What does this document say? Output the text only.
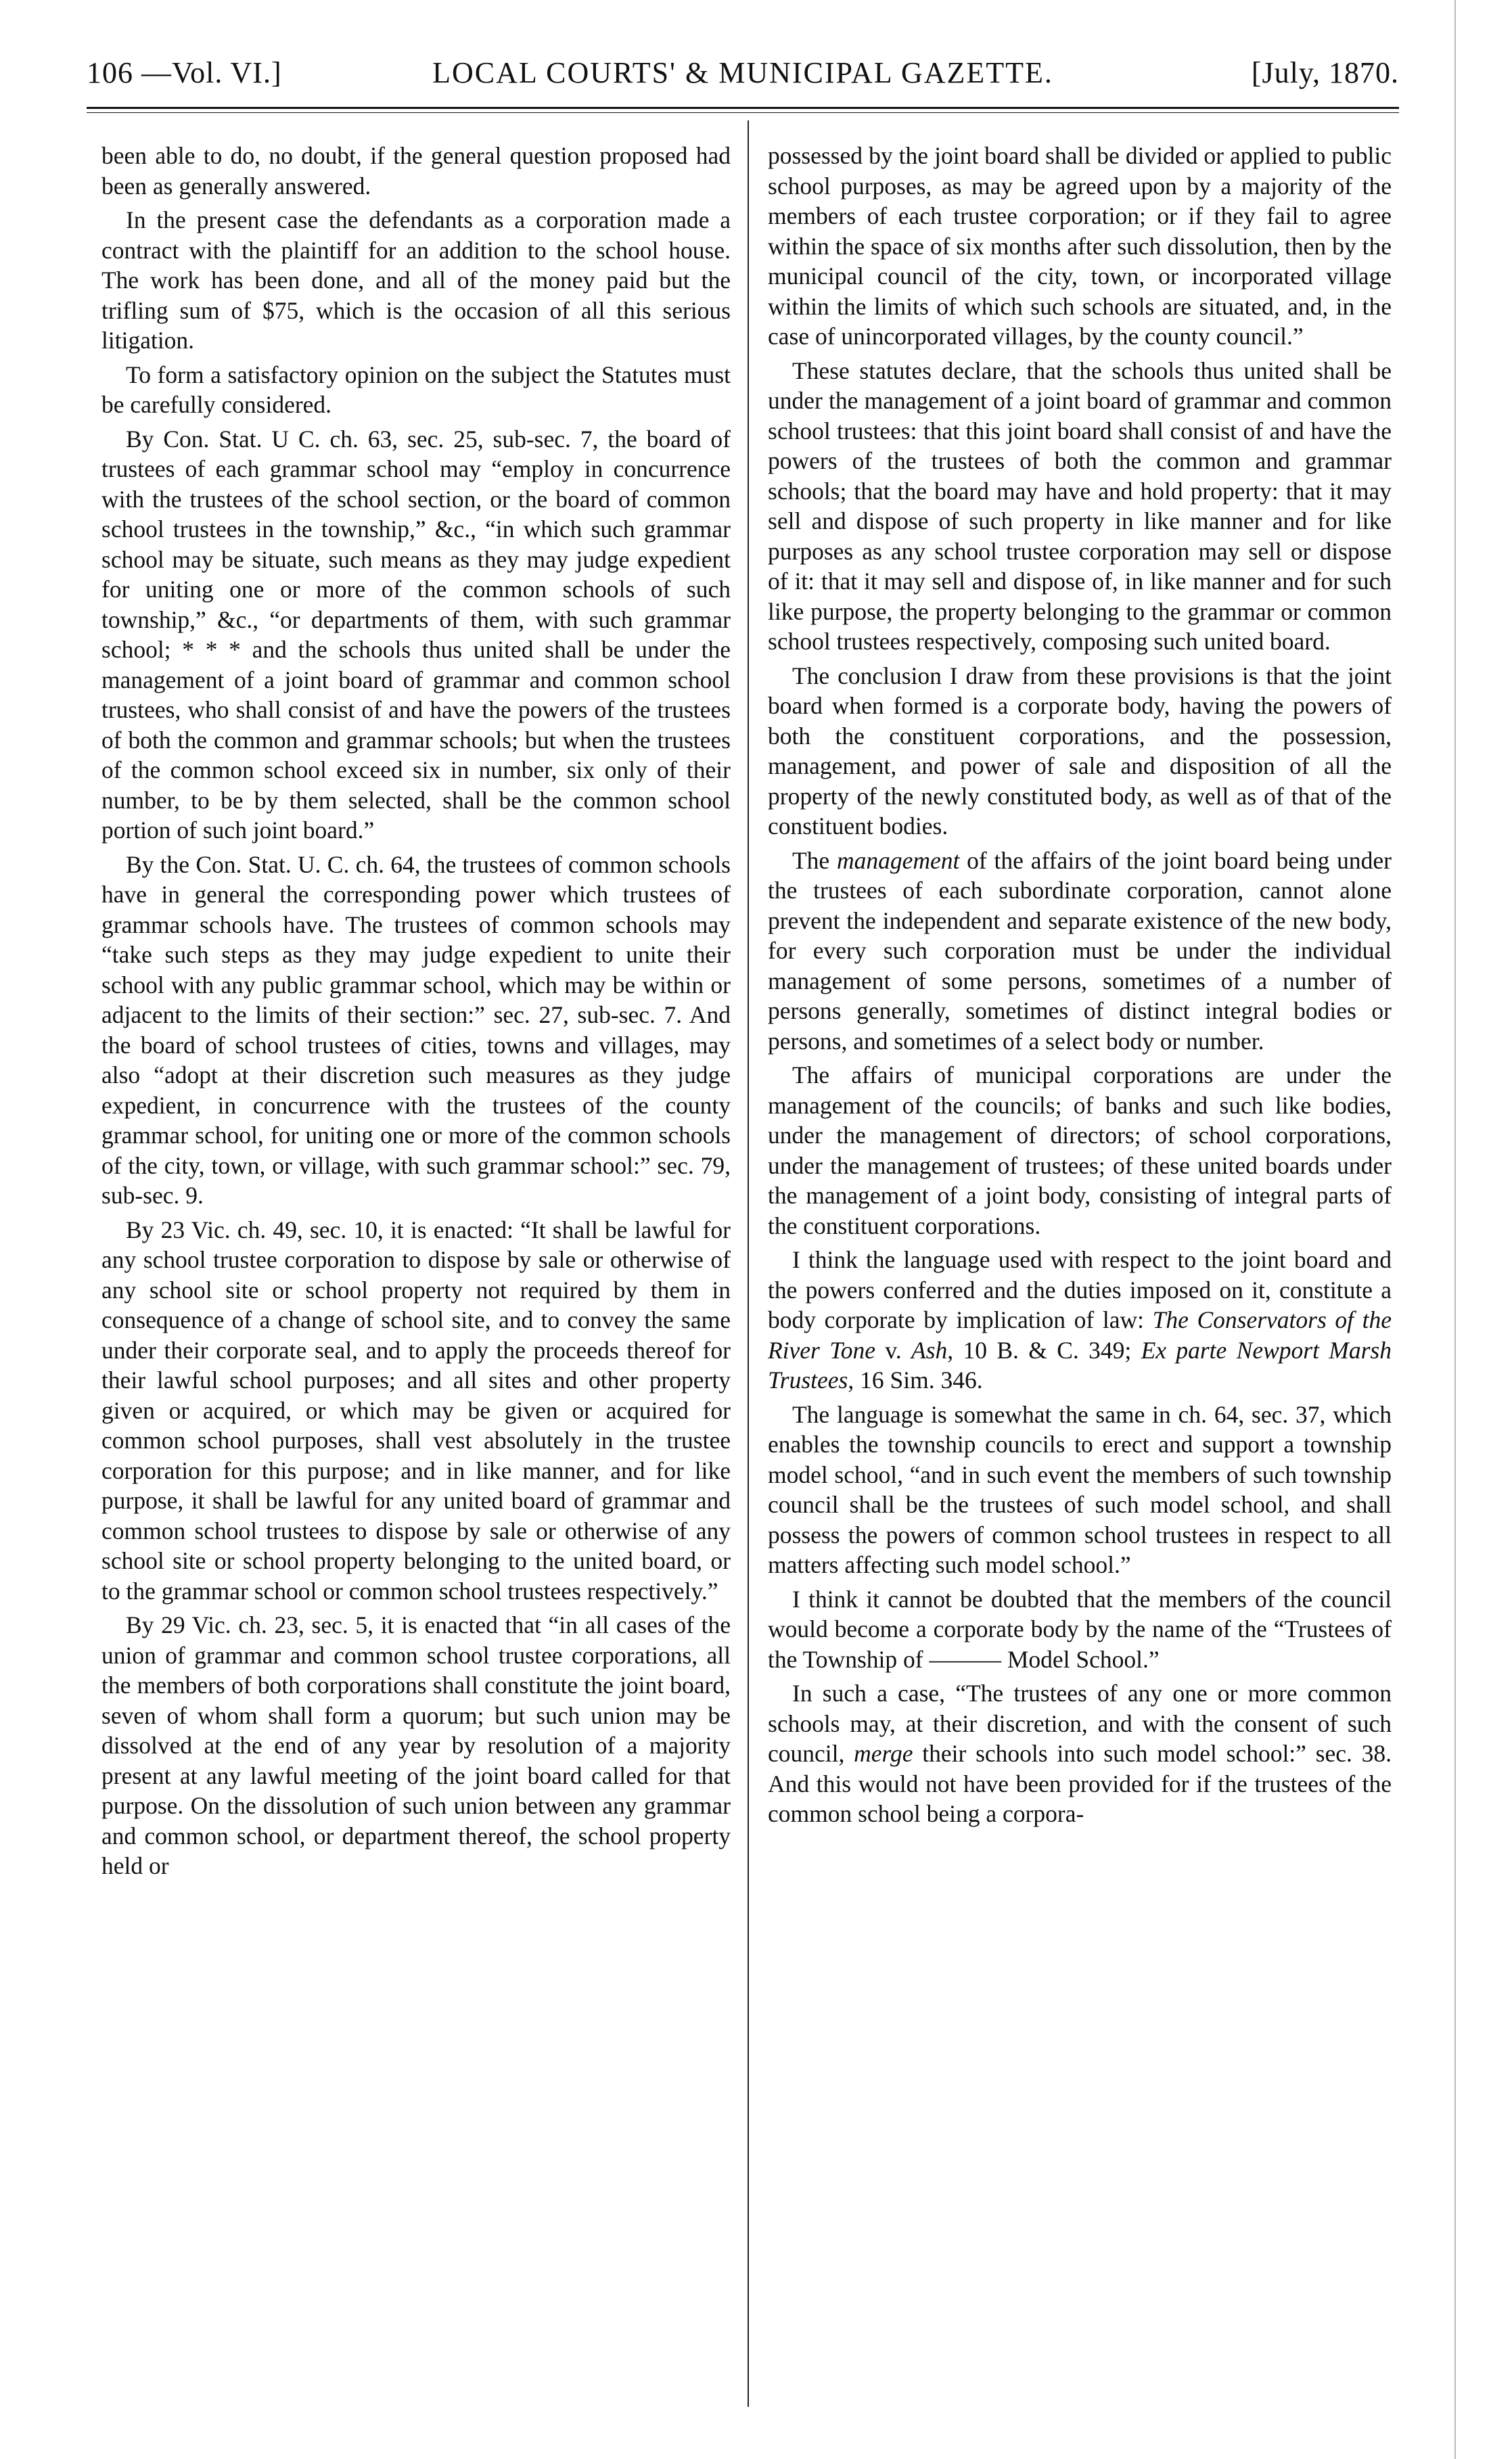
106 —Vol. VI.]	LOCAL COURTS' & MUNICIPAL GAZETTE.	[July, 1870.

been able to do, no doubt, if the general question proposed had been as generally answered.

In the present case the defendants as a corporation made a contract with the plaintiff for an addition to the school house. The work has been done, and all of the money paid but the trifling sum of $75, which is the occasion of all this serious litigation.

To form a satisfactory opinion on the subject the Statutes must be carefully considered.

By Con. Stat. U C. ch. 63, sec. 25, sub-sec. 7, the board of trustees of each grammar school may “employ in concurrence with the trustees of the school section, or the board of common school trustees in the township,” &c., “in which such grammar school may be situate, such means as they may judge expedient for uniting one or more of the common schools of such township,” &c., “or departments of them, with such grammar school; * * * and the schools thus united shall be under the management of a joint board of grammar and common school trustees, who shall consist of and have the powers of the trustees of both the common and grammar schools; but when the trustees of the common school exceed six in number, six only of their number, to be by them selected, shall be the common school portion of such joint board.”

By the Con. Stat. U. C. ch. 64, the trustees of common schools have in general the corresponding power which trustees of grammar schools have. The trustees of common schools may “take such steps as they may judge expedient to unite their school with any public grammar school, which may be within or adjacent to the limits of their section:” sec. 27, sub-sec. 7. And the board of school trustees of cities, towns and villages, may also “adopt at their discretion such measures as they judge expedient, in concurrence with the trustees of the county grammar school, for uniting one or more of the common schools of the city, town, or village, with such grammar school:” sec. 79, sub-sec. 9.

By 23 Vic. ch. 49, sec. 10, it is enacted: “It shall be lawful for any school trustee corporation to dispose by sale or otherwise of any school site or school property not required by them in consequence of a change of school site, and to convey the same under their corporate seal, and to apply the proceeds thereof for their lawful school purposes; and all sites and other property given or acquired, or which may be given or acquired for common school purposes, shall vest absolutely in the trustee corporation for this purpose; and in like manner, and for like purpose, it shall be lawful for any united board of grammar and common school trustees to dispose by sale or otherwise of any school site or school property belonging to the united board, or to the grammar school or common school trustees respectively.”

By 29 Vic. ch. 23, sec. 5, it is enacted that “in all cases of the union of grammar and common school trustee corporations, all the members of both corporations shall constitute the joint board, seven of whom shall form a quorum; but such union may be dissolved at the end of any year by resolution of a majority present at any lawful meeting of the joint board called for that purpose. On the dissolution of such union between any grammar and common school, or department thereof, the school property held or

possessed by the joint board shall be divided or applied to public school purposes, as may be agreed upon by a majority of the members of each trustee corporation; or if they fail to agree within the space of six months after such dissolution, then by the municipal council of the city, town, or incorporated village within the limits of which such schools are situated, and, in the case of unincorporated villages, by the county council.”

These statutes declare, that the schools thus united shall be under the management of a joint board of grammar and common school trustees: that this joint board shall consist of and have the powers of the trustees of both the common and grammar schools; that the board may have and hold property: that it may sell and dispose of such property in like manner and for like purposes as any school trustee corporation may sell or dispose of it: that it may sell and dispose of, in like manner and for such like purpose, the property belonging to the grammar or common school trustees respectively, composing such united board.

The conclusion I draw from these provisions is that the joint board when formed is a corporate body, having the powers of both the constituent corporations, and the possession, management, and power of sale and disposition of all the property of the newly constituted body, as well as of that of the constituent bodies.

The management of the affairs of the joint board being under the trustees of each subordinate corporation, cannot alone prevent the independent and separate existence of the new body, for every such corporation must be under the individual management of some persons, sometimes of a number of persons generally, sometimes of distinct integral bodies or persons, and sometimes of a select body or number.

The affairs of municipal corporations are under the management of the councils; of banks and such like bodies, under the management of directors; of school corporations, under the management of trustees; of these united boards under the management of a joint body, consisting of integral parts of the constituent corporations.

I think the language used with respect to the joint board and the powers conferred and the duties imposed on it, constitute a body corporate by implication of law: The Conservators of the River Tone v. Ash, 10 B. & C. 349; Ex parte Newport Marsh Trustees, 16 Sim. 346.

The language is somewhat the same in ch. 64, sec. 37, which enables the township councils to erect and support a township model school, “and in such event the members of such township council shall be the trustees of such model school, and shall possess the powers of common school trustees in respect to all matters affecting such model school.”

I think it cannot be doubted that the members of the council would become a corporate body by the name of the “Trustees of the Township of ——— Model School.”

In such a case, “The trustees of any one or more common schools may, at their discretion, and with the consent of such council, merge their schools into such model school:” sec. 38. And this would not have been provided for if the trustees of the common school being a corpora-
